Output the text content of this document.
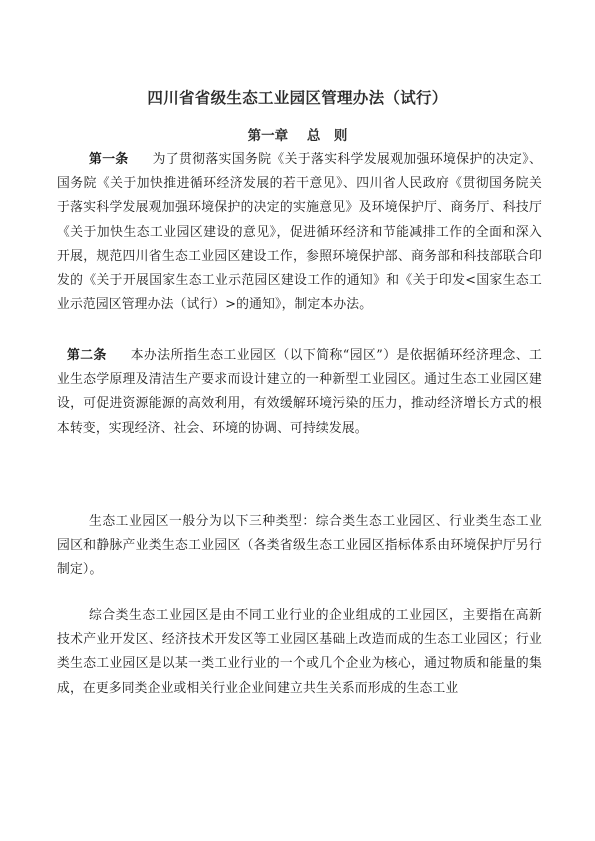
四川省省级生态工业园区管理办法（试行）
第一章 总　则

第一条 为了贯彻落实国务院《关于落实科学发展观加强环境保护的决定》、国务院《关于加快推进循环经济发展的若干意见》、四川省人民政府《贯彻国务院关于落实科学发展观加强环境保护的决定的实施意见》及环境保护厅、商务厅、科技厅《关于加快生态工业园区建设的意见》，促进循环经济和节能减排工作的全面和深入开展，规范四川省生态工业园区建设工作，参照环境保护部、商务部和科技部联合印发的《关于开展国家生态工业示范园区建设工作的通知》和《关于印发<国家生态工业示范园区管理办法（试行）>的通知》，制定本办法。

第二条 本办法所指生态工业园区（以下简称“园区”）是依据循环经济理念、工业生态学原理及清洁生产要求而设计建立的一种新型工业园区。通过生态工业园区建设，可促进资源能源的高效利用，有效缓解环境污染的压力，推动经济增长方式的根本转变，实现经济、社会、环境的协调、可持续发展。

生态工业园区一般分为以下三种类型：综合类生态工业园区、行业类生态工业园区和静脉产业类生态工业园区（各类省级生态工业园区指标体系由环境保护厅另行制定）。

综合类生态工业园区是由不同工业行业的企业组成的工业园区，主要指在高新技术产业开发区、经济技术开发区等工业园区基础上改造而成的生态工业园区；行业类生态工业园区是以某一类工业行业的一个或几个企业为核心，通过物质和能量的集成，在更多同类企业或相关行业企业间建立共生关系而形成的生态工业
